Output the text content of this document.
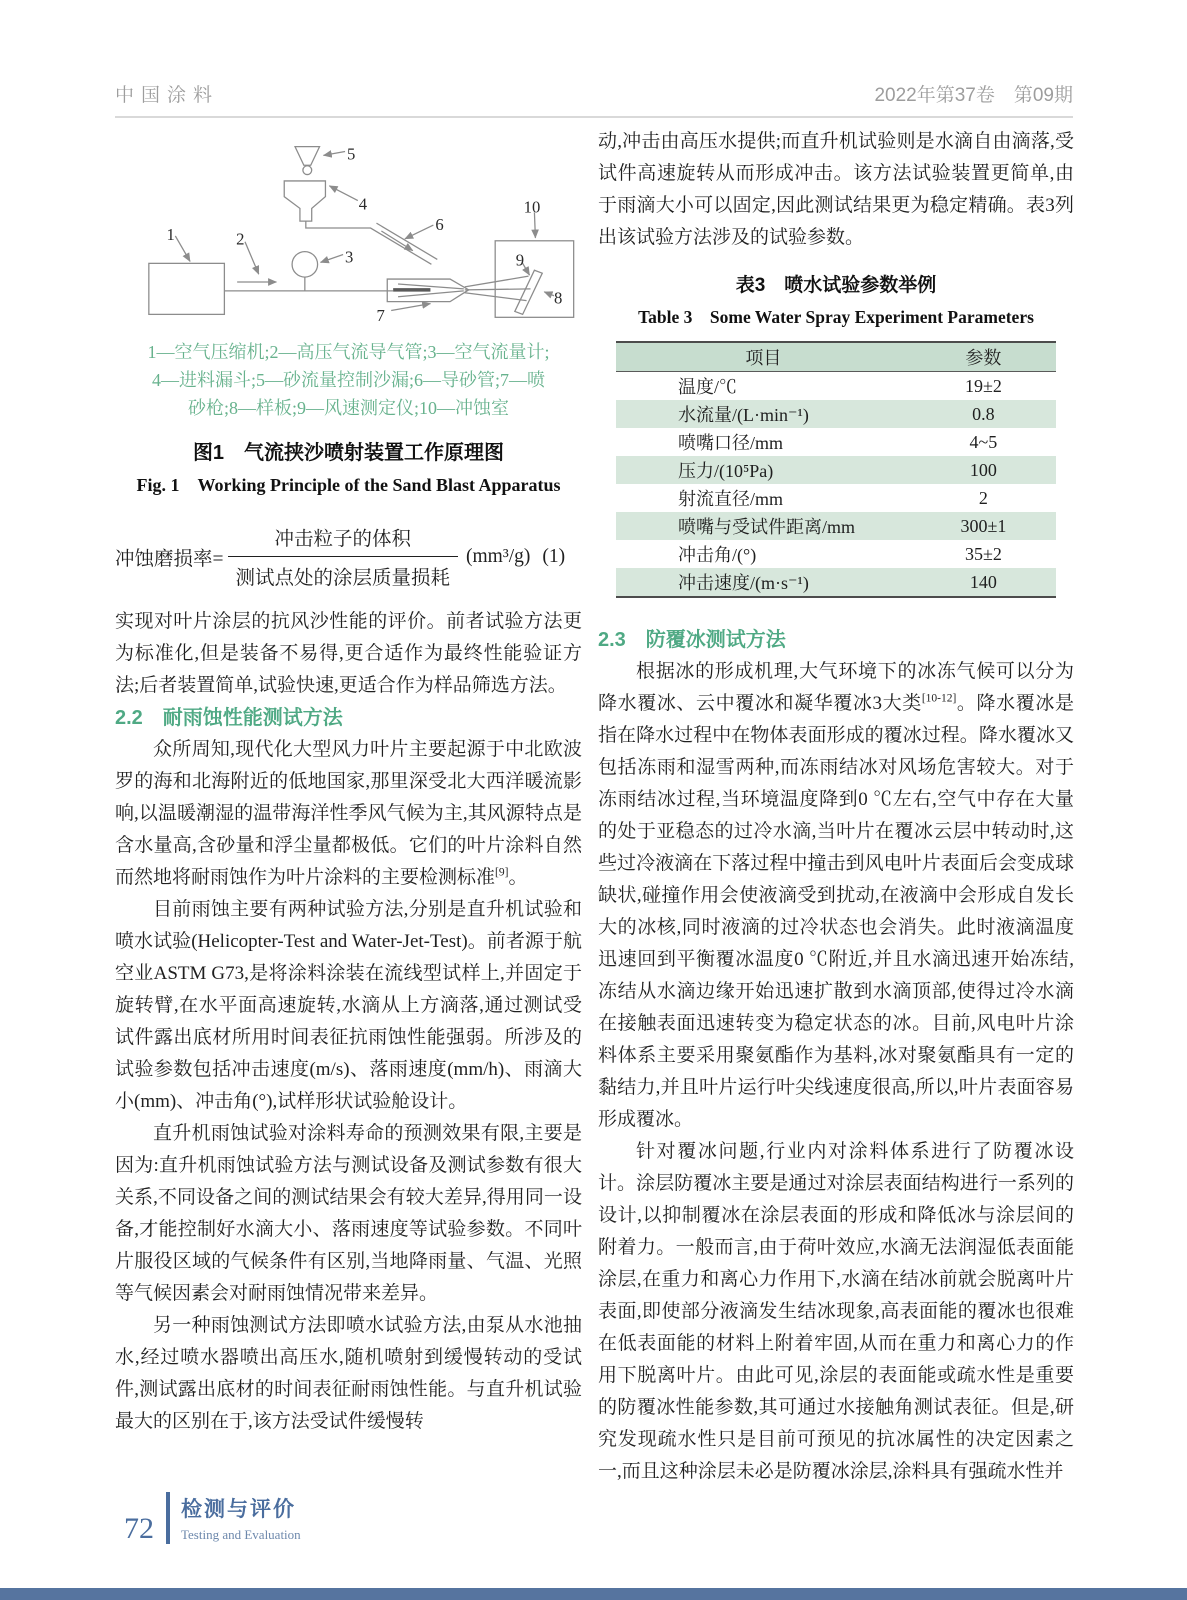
中国涂料	2022年第37卷　第09期
1	2
3
4
5
6
7
8
9
10
1—空气压缩机;2—高压气流导气管;3—空气流量计;
4—进料漏斗;5—砂流量控制沙漏;6—导砂管;7—喷
砂枪;8—样板;9—风速测定仪;10—冲蚀室
图1　气流挟沙喷射装置工作原理图
Fig. 1　Working Principle of the Sand Blast Apparatus
冲蚀磨损率= $\frac{\text{冲击粒子的体积}}{\text{测试点处的涂层质量损耗}} (mm^3/g)$ (1)

实现对叶片涂层的抗风沙性能的评价。前者试验方法更为标准化,但是装备不易得,更合适作为最终性能验证方法;后者装置简单,试验快速,更适合作为样品筛选方法。

2.2　耐雨蚀性能测试方法

众所周知,现代化大型风力叶片主要起源于中北欧波罗的海和北海附近的低地国家,那里深受北大西洋暖流影响,以温暖潮湿的温带海洋性季风气候为主,其风源特点是含水量高,含砂量和浮尘量都极低。它们的叶片涂料自然而然地将耐雨蚀作为叶片涂料的主要检测标准[9]。

目前雨蚀主要有两种试验方法,分别是直升机试验和喷水试验(Helicopter-Test and Water-Jet-Test)。前者源于航空业ASTM G73,是将涂料涂装在流线型试样上,并固定于旋转臂,在水平面高速旋转,水滴从上方滴落,通过测试受试件露出底材所用时间表征抗雨蚀性能强弱。所涉及的试验参数包括冲击速度(m/s)、落雨速度(mm/h)、雨滴大小(mm)、冲击角(°),试样形状试验舱设计。

直升机雨蚀试验对涂料寿命的预测效果有限,主要是因为:直升机雨蚀试验方法与测试设备及测试参数有很大关系,不同设备之间的测试结果会有较大差异,得用同一设备,才能控制好水滴大小、落雨速度等试验参数。不同叶片服役区域的气候条件有区别,当地降雨量、气温、光照等气候因素会对耐雨蚀情况带来差异。

另一种雨蚀测试方法即喷水试验方法,由泵从水池抽水,经过喷水器喷出高压水,随机喷射到缓慢转动的受试件,测试露出底材的时间表征耐雨蚀性能。与直升机试验最大的区别在于,该方法受试件缓慢转

动,冲击由高压水提供;而直升机试验则是水滴自由滴落,受试件高速旋转从而形成冲击。该方法试验装置更简单,由于雨滴大小可以固定,因此测试结果更为稳定精确。表3列出该试验方法涉及的试验参数。

表3　喷水试验参数举例
Table 3　Some Water Spray Experiment Parameters
项目	参数
温度/℃	19±2
水流量/(L·min⁻¹)	0.8
喷嘴口径/mm	4~5
压力/(10⁵Pa)	100
射流直径/mm	2
喷嘴与受试件距离/mm	300±1
冲击角/(°)	35±2
冲击速度/(m·s⁻¹)	140

2.3　防覆冰测试方法

根据冰的形成机理,大气环境下的冰冻气候可以分为降水覆冰、云中覆冰和凝华覆冰3大类[10-12]。降水覆冰是指在降水过程中在物体表面形成的覆冰过程。降水覆冰又包括冻雨和湿雪两种,而冻雨结冰对风场危害较大。对于冻雨结冰过程,当环境温度降到0 ℃左右,空气中存在大量的处于亚稳态的过冷水滴,当叶片在覆冰云层中转动时,这些过冷液滴在下落过程中撞击到风电叶片表面后会变成球缺状,碰撞作用会使液滴受到扰动,在液滴中会形成自发长大的冰核,同时液滴的过冷状态也会消失。此时液滴温度迅速回到平衡覆冰温度0 ℃附近,并且水滴迅速开始冻结,冻结从水滴边缘开始迅速扩散到水滴顶部,使得过冷水滴在接触表面迅速转变为稳定状态的冰。目前,风电叶片涂料体系主要采用聚氨酯作为基料,冰对聚氨酯具有一定的黏结力,并且叶片运行叶尖线速度很高,所以,叶片表面容易形成覆冰。

针对覆冰问题,行业内对涂料体系进行了防覆冰设计。涂层防覆冰主要是通过对涂层表面结构进行一系列的设计,以抑制覆冰在涂层表面的形成和降低冰与涂层间的附着力。一般而言,由于荷叶效应,水滴无法润湿低表面能涂层,在重力和离心力作用下,水滴在结冰前就会脱离叶片表面,即使部分液滴发生结冰现象,高表面能的覆冰也很难在低表面能的材料上附着牢固,从而在重力和离心力的作用下脱离叶片。由此可见,涂层的表面能或疏水性是重要的防覆冰性能参数,其可通过水接触角测试表征。但是,研究发现疏水性只是目前可预见的抗冰属性的决定因素之一,而且这种涂层未必是防覆冰涂层,涂料具有强疏水性并

72
检测与评价
Testing and Evaluation
